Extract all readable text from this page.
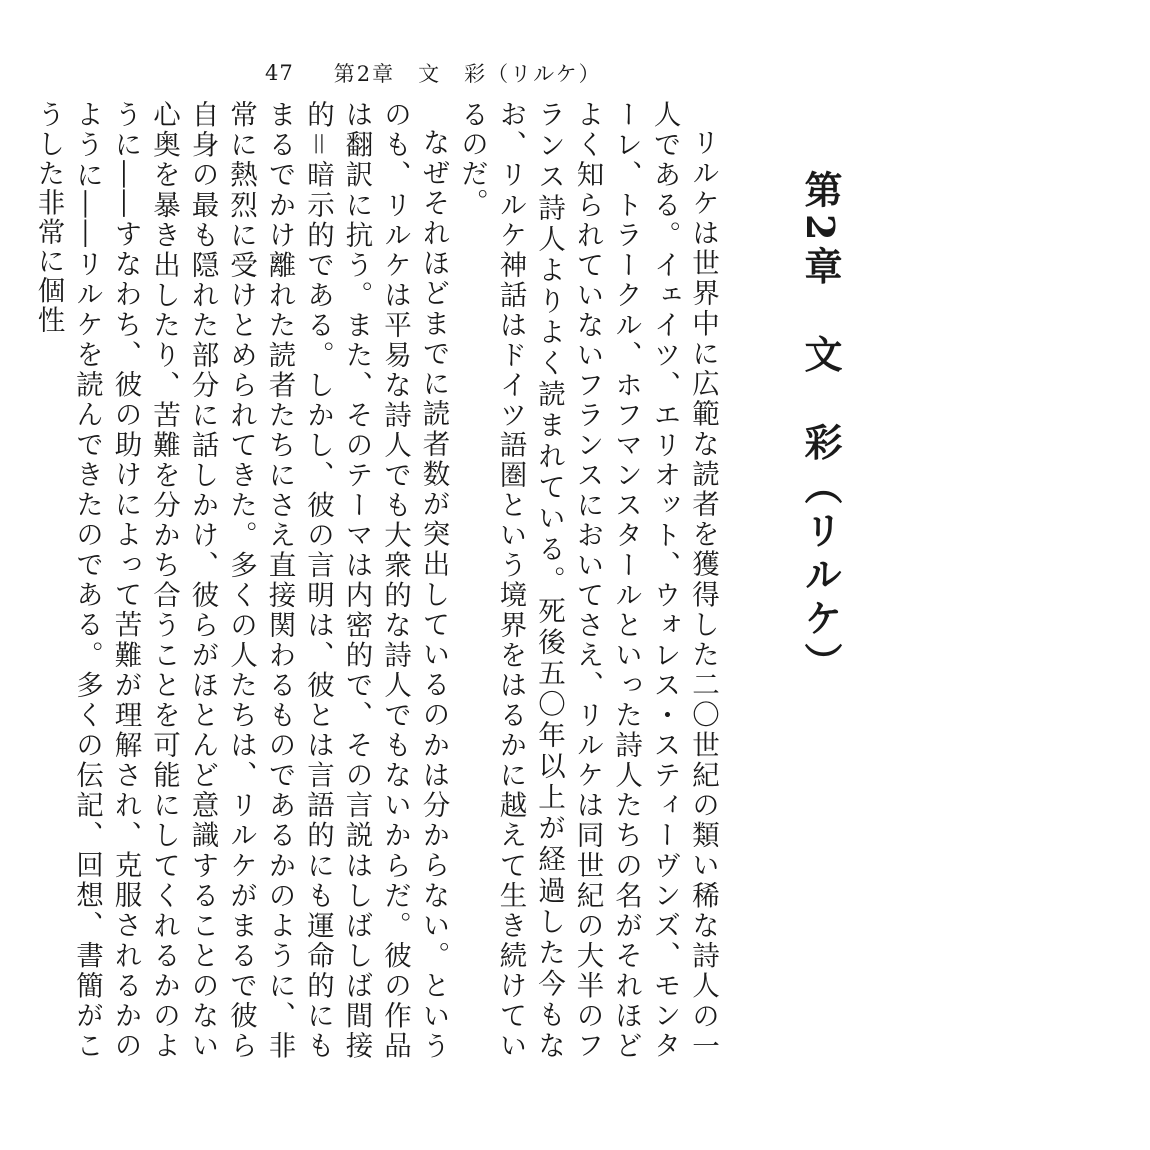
47 第2章　文　彩（リルケ）
第2章　文　彩（リルケ）

リルケは世界中に広範な読者を獲得した二〇世紀の類い稀な詩人の一人である。イェイツ、エリオット、ウォレス・スティーヴンズ、モンターレ、トラークル、ホフマンスタールといった詩人たちの名がそれほどよく知られていないフランスにおいてさえ、リルケは同世紀の大半のフランス詩人よりよく読まれている。死後五〇年以上が経過した今もなお、リルケ神話はドイツ語圏という境界をはるかに越えて生き続けているのだ。

なぜそれほどまでに読者数が突出しているのかは分からない。というのも、リルケは平易な詩人でも大衆的な詩人でもないからだ。彼の作品は翻訳に抗う。また、そのテーマは内密的で、その言説はしばしば間接的＝暗示的である。しかし、彼の言明は、彼とは言語的にも運命的にもまるでかけ離れた読者たちにさえ直接関わるものであるかのように、非常に熱烈に受けとめられてきた。多くの人たちは、リルケがまるで彼ら自身の最も隠れた部分に話しかけ、彼らがほとんど意識することのない心奥を暴き出したり、苦難を分かち合うことを可能にしてくれるかのように――すなわち、彼の助けによって苦難が理解され、克服されるかのように――リルケを読んできたのである。多くの伝記、回想、書簡がこうした非常に個性
